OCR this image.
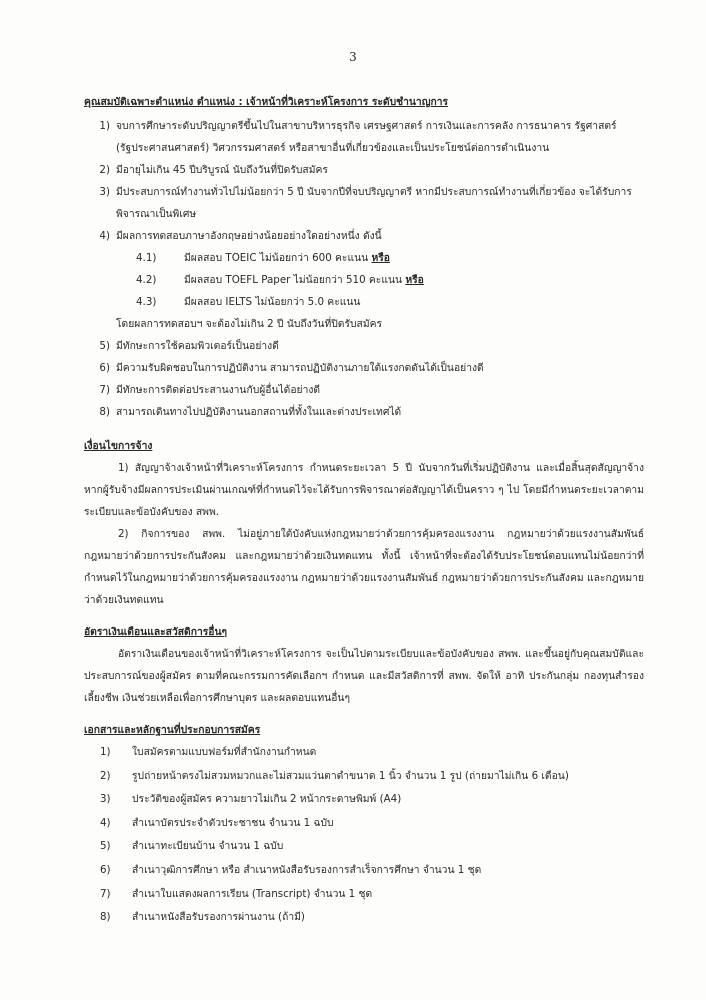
3

คุณสมบัติเฉพาะตำแหน่ง ตำแหน่ง : เจ้าหน้าที่วิเคราะห์โครงการ ระดับชำนาญการ

1) จบการศึกษาระดับปริญญาตรีขึ้นไปในสาขาบริหารธุรกิจ เศรษฐศาสตร์ การเงินและการคลัง การธนาคาร รัฐศาสตร์ (รัฐประศาสนศาสตร์) วิศวกรรมศาสตร์ หรือสาขาอื่นที่เกี่ยวข้องและเป็นประโยชน์ต่อการดำเนินงาน
2) มีอายุไม่เกิน 45 ปีบริบูรณ์ นับถึงวันที่ปิดรับสมัคร
3) มีประสบการณ์ทำงานทั่วไปไม่น้อยกว่า 5 ปี นับจากปีที่จบปริญญาตรี หากมีประสบการณ์ทำงานที่เกี่ยวข้อง จะได้รับการพิจารณาเป็นพิเศษ
4) มีผลการทดสอบภาษาอังกฤษอย่างน้อยอย่างใดอย่างหนึ่ง ดังนี้
4.1)	มีผลสอบ TOEIC ไม่น้อยกว่า 600 คะแนน หรือ
4.2)	มีผลสอบ TOEFL Paper ไม่น้อยกว่า 510 คะแนน หรือ
4.3)	มีผลสอบ IELTS ไม่น้อยกว่า 5.0 คะแนน
โดยผลการทดสอบฯ จะต้องไม่เกิน 2 ปี นับถึงวันที่ปิดรับสมัคร
5) มีทักษะการใช้คอมพิวเตอร์เป็นอย่างดี
6) มีความรับผิดชอบในการปฏิบัติงาน สามารถปฏิบัติงานภายใต้แรงกดดันได้เป็นอย่างดี
7) มีทักษะการติดต่อประสานงานกับผู้อื่นได้อย่างดี
8) สามารถเดินทางไปปฏิบัติงานนอกสถานที่ทั้งในและต่างประเทศได้

เงื่อนไขการจ้าง

1) สัญญาจ้างเจ้าหน้าที่วิเคราะห์โครงการ กำหนดระยะเวลา 5 ปี นับจากวันที่เริ่มปฏิบัติงาน และเมื่อสิ้นสุดสัญญาจ้าง หากผู้รับจ้างมีผลการประเมินผ่านเกณฑ์ที่กำหนดไว้จะได้รับการพิจารณาต่อสัญญาได้เป็นคราว ๆ ไป โดยมีกำหนดระยะเวลาตามระเบียบและข้อบังคับของ สพพ.

2) กิจการของ สพพ. ไม่อยู่ภายใต้บังคับแห่งกฎหมายว่าด้วยการคุ้มครองแรงงาน กฎหมายว่าด้วยแรงงานสัมพันธ์ กฎหมายว่าด้วยการประกันสังคม และกฎหมายว่าด้วยเงินทดแทน ทั้งนี้ เจ้าหน้าที่จะต้องได้รับประโยชน์ตอบแทนไม่น้อยกว่าที่กำหนดไว้ในกฎหมายว่าด้วยการคุ้มครองแรงงาน กฎหมายว่าด้วยแรงงานสัมพันธ์ กฎหมายว่าด้วยการประกันสังคม และกฎหมายว่าด้วยเงินทดแทน

อัตราเงินเดือนและสวัสดิการอื่นๆ

อัตราเงินเดือนของเจ้าหน้าที่วิเคราะห์โครงการ จะเป็นไปตามระเบียบและข้อบังคับของ สพพ. และขึ้นอยู่กับคุณสมบัติและประสบการณ์ของผู้สมัคร ตามที่คณะกรรมการคัดเลือกฯ กำหนด และมีสวัสดิการที่ สพพ. จัดให้ อาทิ ประกันกลุ่ม กองทุนสำรองเลี้ยงชีพ เงินช่วยเหลือเพื่อการศึกษาบุตร และผลตอบแทนอื่นๆ

เอกสารและหลักฐานที่ประกอบการสมัคร

1)	ใบสมัครตามแบบฟอร์มที่สำนักงานกำหนด
2)	รูปถ่ายหน้าตรงไม่สวมหมวกและไม่สวมแว่นตาดำขนาด 1 นิ้ว จำนวน 1 รูป (ถ่ายมาไม่เกิน 6 เดือน)
3)	ประวัติของผู้สมัคร ความยาวไม่เกิน 2 หน้ากระดาษพิมพ์ (A4)
4)	สำเนาบัตรประจำตัวประชาชน จำนวน 1 ฉบับ
5)	สำเนาทะเบียนบ้าน จำนวน 1 ฉบับ
6)	สำเนาวุฒิการศึกษา หรือ สำเนาหนังสือรับรองการสำเร็จการศึกษา จำนวน 1 ชุด
7)	สำเนาใบแสดงผลการเรียน (Transcript) จำนวน 1 ชุด
8)	สำเนาหนังสือรับรองการผ่านงาน (ถ้ามี)
